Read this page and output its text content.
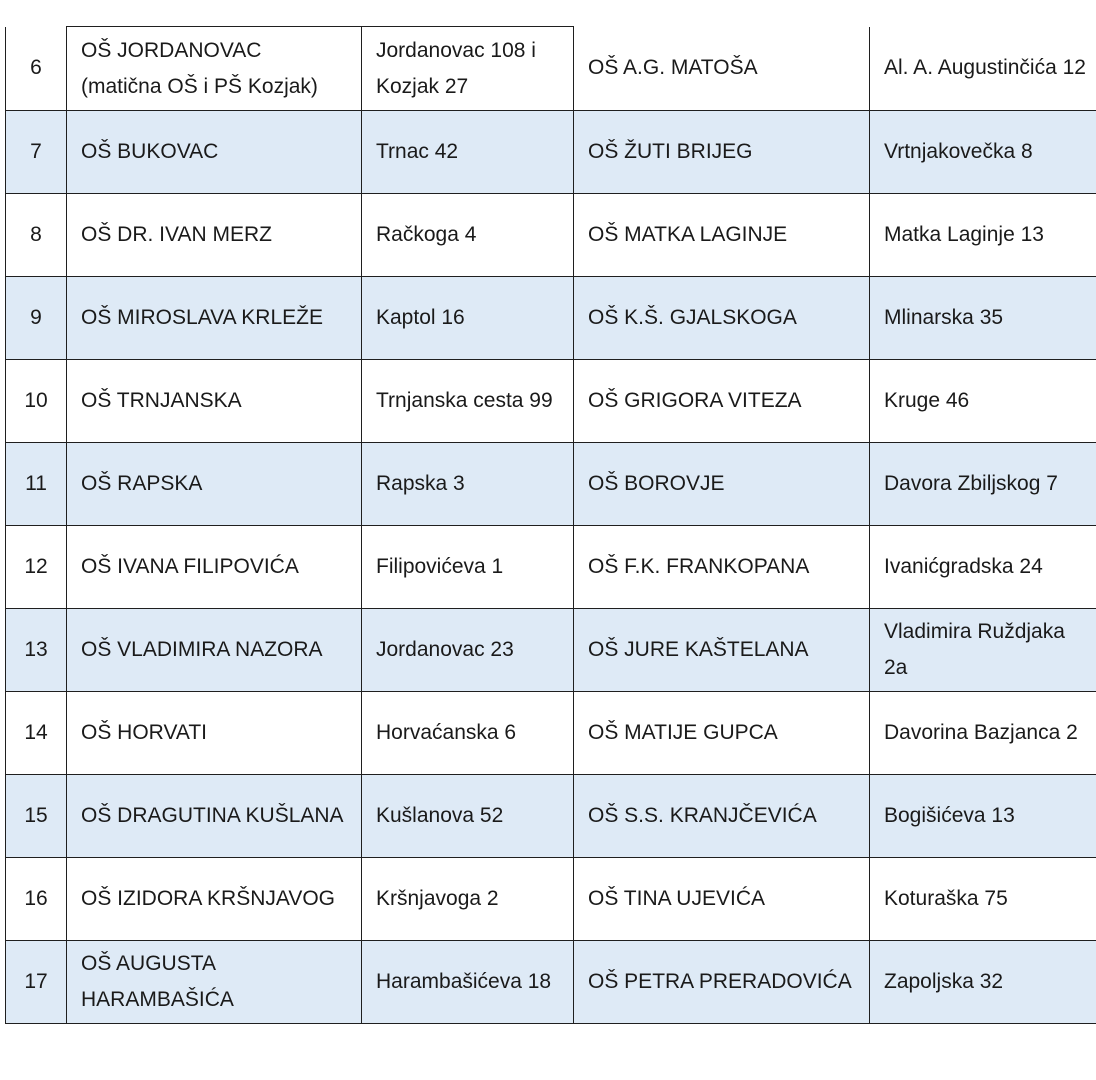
6	OŠ JORDANOVAC (matična OŠ i PŠ Kozjak)	Jordanovac 108 i Kozjak 27	OŠ A.G. MATOŠA	Al. A. Augustinčića 12
7	OŠ BUKOVAC	Trnac 42	OŠ ŽUTI BRIJEG	Vrtnjakovečka 8
8	OŠ DR. IVAN MERZ	Račkoga 4	OŠ MATKA LAGINJE	Matka Laginje 13
9	OŠ MIROSLAVA KRLEŽE	Kaptol 16	OŠ K.Š. GJALSKOGA	Mlinarska 35
10	OŠ TRNJANSKA	Trnjanska cesta 99	OŠ GRIGORA VITEZA	Kruge 46
11	OŠ RAPSKA	Rapska 3	OŠ BOROVJE	Davora Zbiljskog 7
12	OŠ IVANA FILIPOVIĆA	Filipovićeva 1	OŠ F.K. FRANKOPANA	Ivanićgradska 24
13	OŠ VLADIMIRA NAZORA	Jordanovac 23	OŠ JURE KAŠTELANA	Vladimira Ruždjaka 2a
14	OŠ HORVATI	Horvaćanska 6	OŠ MATIJE GUPCA	Davorina Bazjanca 2
15	OŠ DRAGUTINA KUŠLANA	Kušlanova 52	OŠ S.S. KRANJČEVIĆA	Bogišićeva 13
16	OŠ IZIDORA KRŠNJAVOG	Kršnjavoga 2	OŠ TINA UJEVIĆA	Koturaška 75
17	OŠ AUGUSTA HARAMBAŠIĆA	Harambašićeva 18	OŠ PETRA PRERADOVIĆA	Zapoljska 32
